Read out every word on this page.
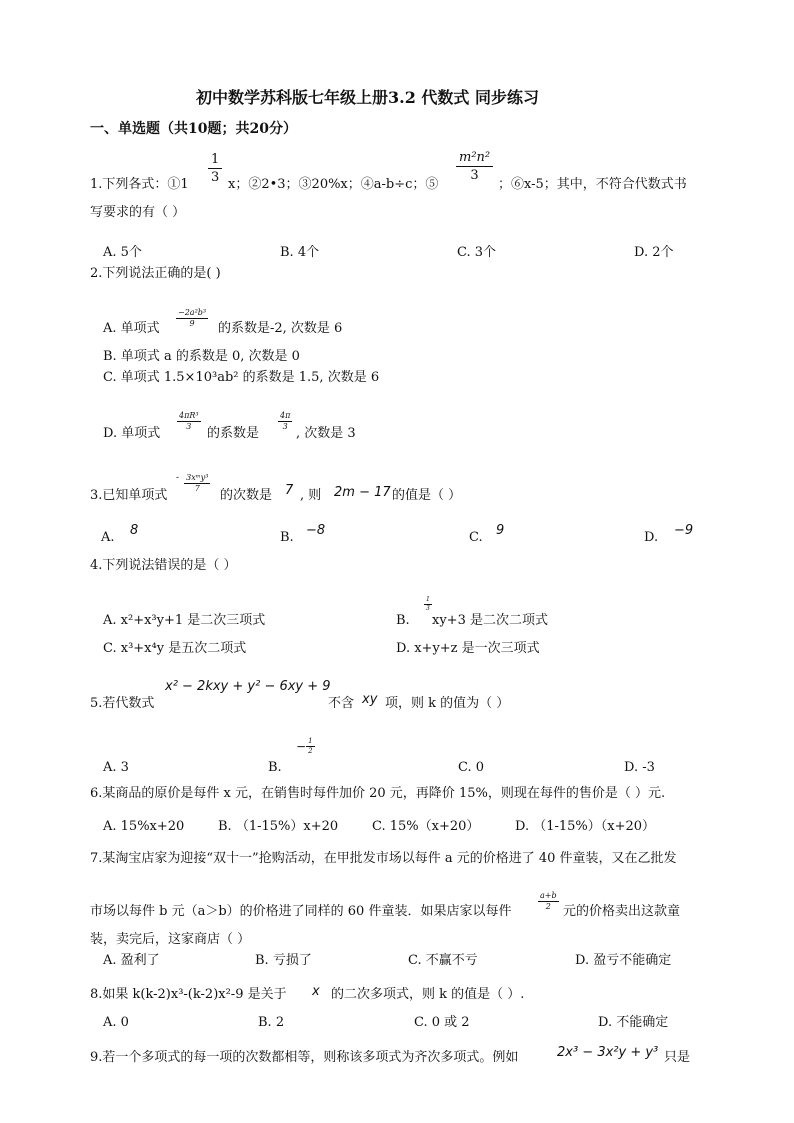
初中数学苏科版七年级上册3.2 代数式 同步练习
一、单选题（共10题；共20分）
1.下列各式：①1
$\frac{1}{3}$
x；②2•3；③20%x；④a-b÷c；⑤
$\frac{\text{m²n²}}{3}$
；⑥x-5；其中，不符合代数式书
写要求的有（ ）
A. 5个	B. 4个	C. 3个	D. 2个
2.下列说法正确的是( )
A. 单项式
$\frac{\text{−2a²b³}}{9}$
的系数是-2, 次数是 6
B. 单项式 a 的系数是 0, 次数是 0
C. 单项式 1.5×10³ab² 的系数是 1.5, 次数是 6
D. 单项式
$\frac{\text{4πR³}}{3}$
的系数是
$\frac{4\pi}{3}$
, 次数是 3
3.已知单项式
- $\frac{\text{3xᵐy³}}{7}$
的次数是 7 , 则 2m − 17 的值是（ ）
A. 8	B. −8	C. 9	D. −9
4.下列说法错误的是（ ）
A. x²+x³y+1 是二次三项式	B.
$\frac{1}{3}$
xy+3 是二次二项式
C. x³+x⁴y 是五次二项式	D. x+y+z 是一次三项式
5.若代数式
x² − 2kxy + y² − 6xy + 9
不含 xy 项，则 k 的值为（ ）
A. 3	B.
− $\frac{1}{2}$
C. 0	D. -3
6.某商品的原价是每件 x 元，在销售时每件加价 20 元，再降价 15%，则现在每件的售价是（ ）元.
A. 15%x+20	B. （1-15%）x+20	C. 15%（x+20）	D. （1-15%）（x+20）
7.某淘宝店家为迎接“双十一”抢购活动，在甲批发市场以每件 a 元的价格进了 40 件童装，又在乙批发
市场以每件 b 元（a＞b）的价格进了同样的 60 件童装．如果店家以每件
$\frac{a+b}{2}$
元的价格卖出这款童
装，卖完后，这家商店（ ）
A. 盈利了	B. 亏损了	C. 不赢不亏	D. 盈亏不能确定
8.如果 k(k-2)x³-(k-2)x²-9 是关于 x 的二次多项式，则 k 的值是（ ）.
A. 0	B. 2	C. 0 或 2	D. 不能确定
9.若一个多项式的每一项的次数都相等，则称该多项式为齐次多项式。例如	2x³ − 3x²y + y³ 只是
